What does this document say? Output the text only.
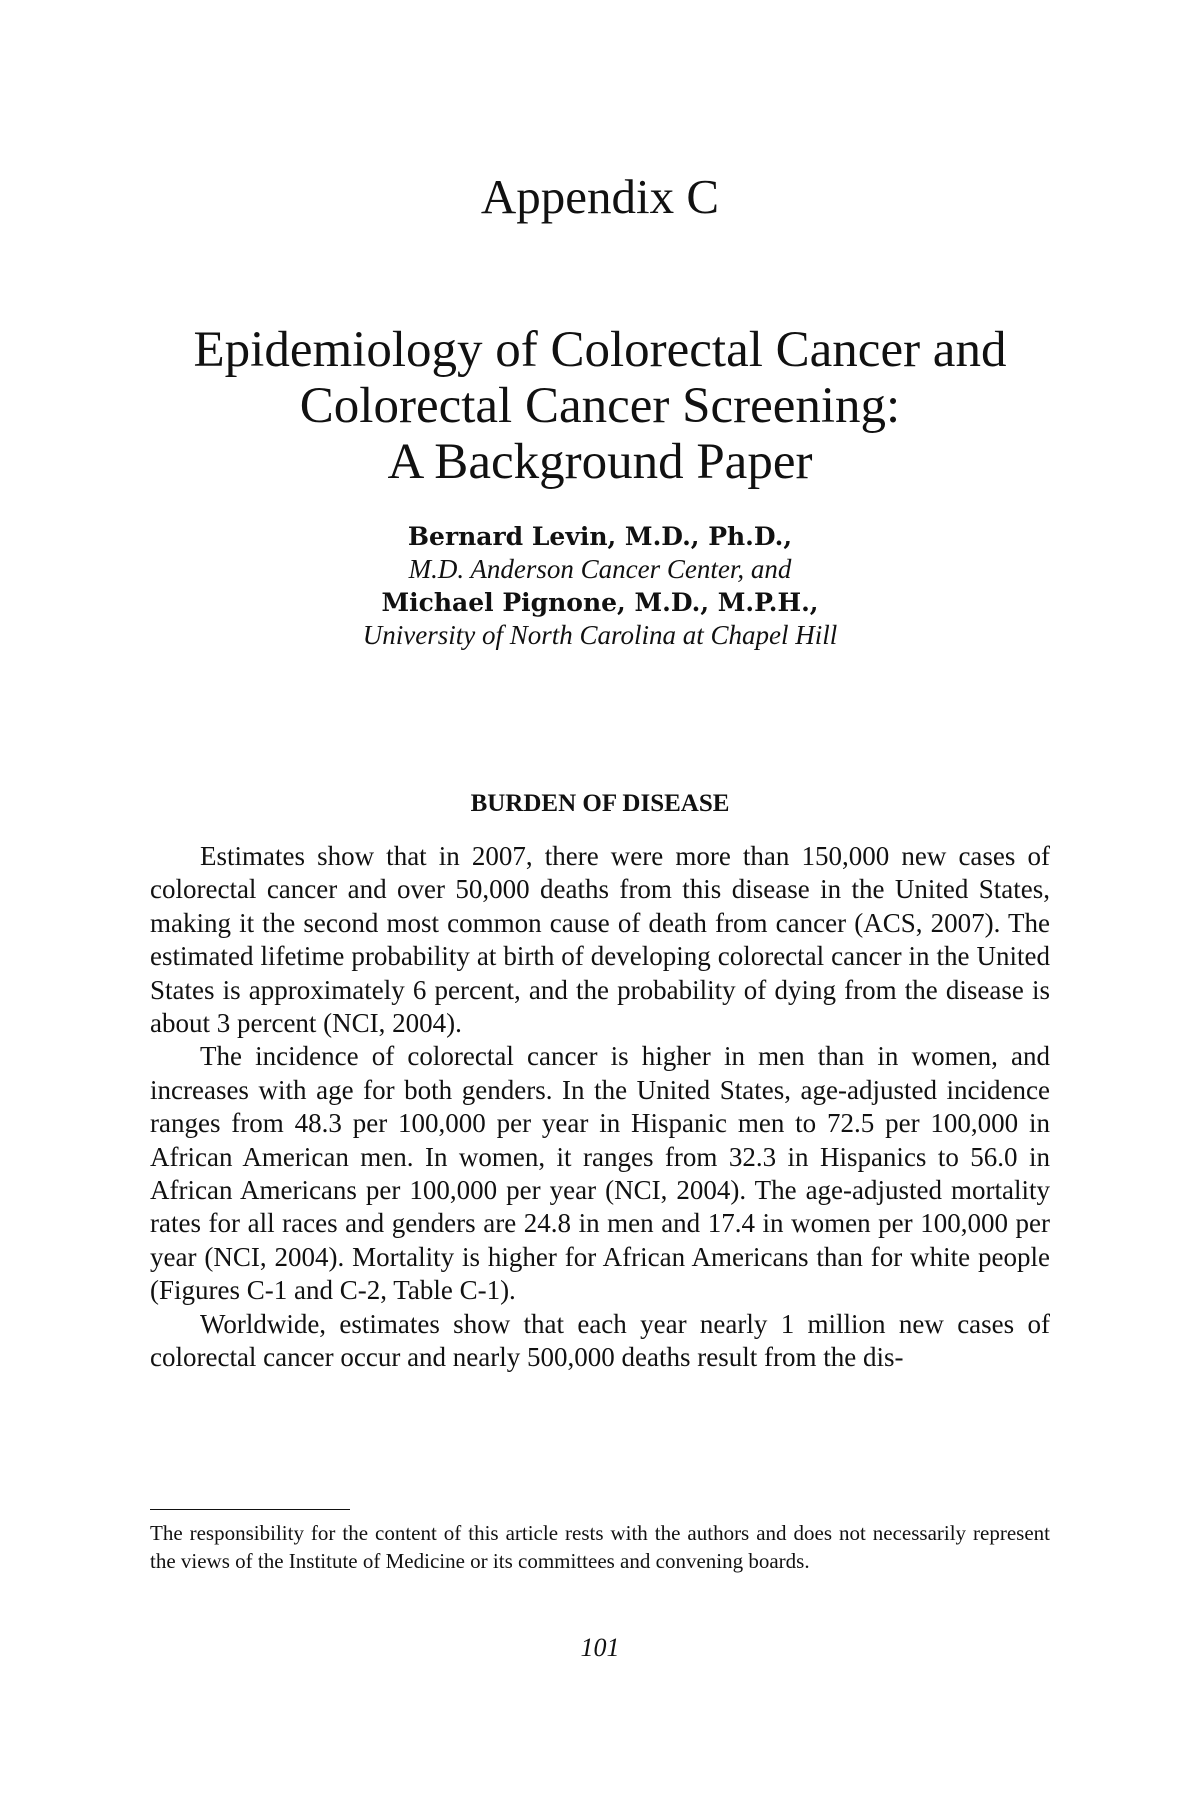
Appendix C
Epidemiology of Colorectal Cancer and
Colorectal Cancer Screening:
A Background Paper
Bernard Levin, M.D., Ph.D.,
M.D. Anderson Cancer Center, and
Michael Pignone, M.D., M.P.H.,
University of North Carolina at Chapel Hill
BURDEN OF DISEASE

Estimates show that in 2007, there were more than 150,000 new cases of colorectal cancer and over 50,000 deaths from this disease in the United States, making it the second most common cause of death from cancer (ACS, 2007). The estimated lifetime probability at birth of developing colorectal cancer in the United States is approximately 6 percent, and the probability of dying from the disease is about 3 percent (NCI, 2004).

The incidence of colorectal cancer is higher in men than in women, and increases with age for both genders. In the United States, age-adjusted incidence ranges from 48.3 per 100,000 per year in Hispanic men to 72.5 per 100,000 in African American men. In women, it ranges from 32.3 in Hispanics to 56.0 in African Americans per 100,000 per year (NCI, 2004). The age-adjusted mortality rates for all races and genders are 24.8 in men and 17.4 in women per 100,000 per year (NCI, 2004). Mortality is higher for African Americans than for white people (Figures C-1 and C-2, Table C-1).

Worldwide, estimates show that each year nearly 1 million new cases of colorectal cancer occur and nearly 500,000 deaths result from the dis-

The responsibility for the content of this article rests with the authors and does not necessarily represent the views of the Institute of Medicine or its committees and convening boards.

101
